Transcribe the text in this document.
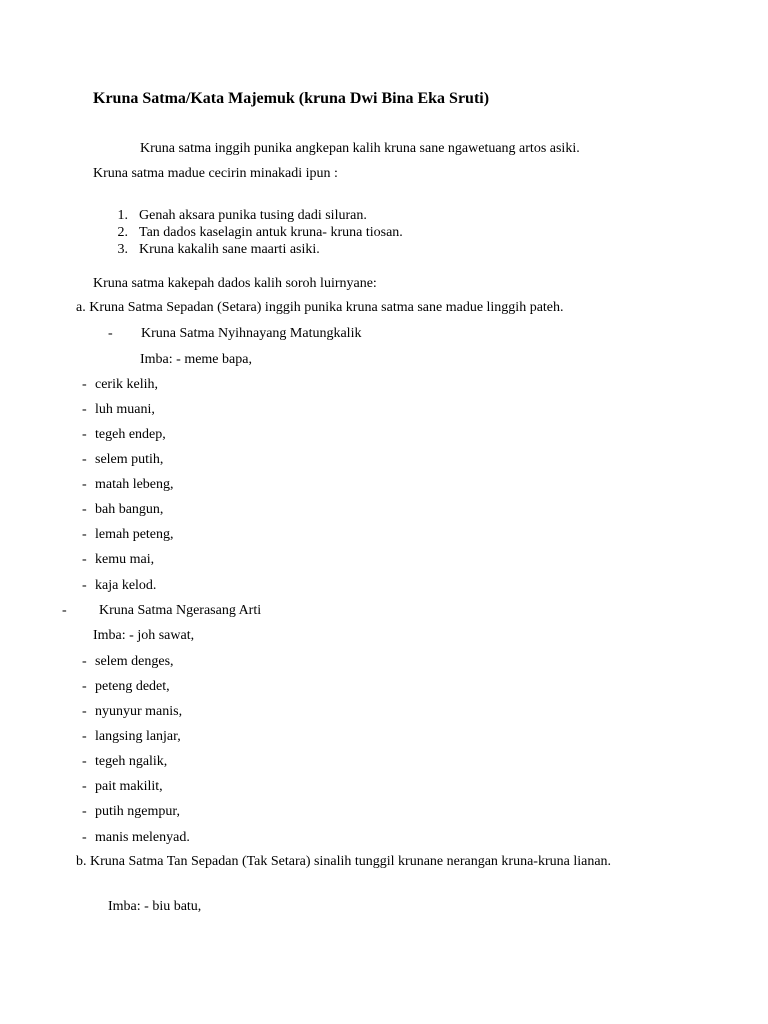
Kruna Satma/Kata Majemuk (kruna Dwi Bina Eka Sruti)
Kruna satma inggih punika angkepan kalih kruna sane ngawetuang artos asiki.
Kruna satma madue cecirin minakadi ipun :
1. Genah aksara punika tusing dadi siluran.
2. Tan dados kaselagin antuk kruna- kruna tiosan.
3. Kruna kakalih sane maarti asiki.
Kruna satma kakepah dados kalih soroh luirnyane:
a. Kruna Satma Sepadan (Setara) inggih punika kruna satma sane madue linggih pateh.
- Kruna Satma Nyihnayang Matungkalik
Imba: - meme bapa,
- cerik kelih,
- luh muani,
- tegeh endep,
- selem putih,
- matah lebeng,
- bah bangun,
- lemah peteng,
- kemu mai,
- kaja kelod.
- Kruna Satma Ngerasang Arti
Imba: - joh sawat,
- selem denges,
- peteng dedet,
- nyunyur manis,
- langsing lanjar,
- tegeh ngalik,
- pait makilit,
- putih ngempur,
- manis melenyad.
b. Kruna Satma Tan Sepadan (Tak Setara) sinalih tunggil krunane nerangan kruna-kruna lianan.
Imba: - biu batu,
